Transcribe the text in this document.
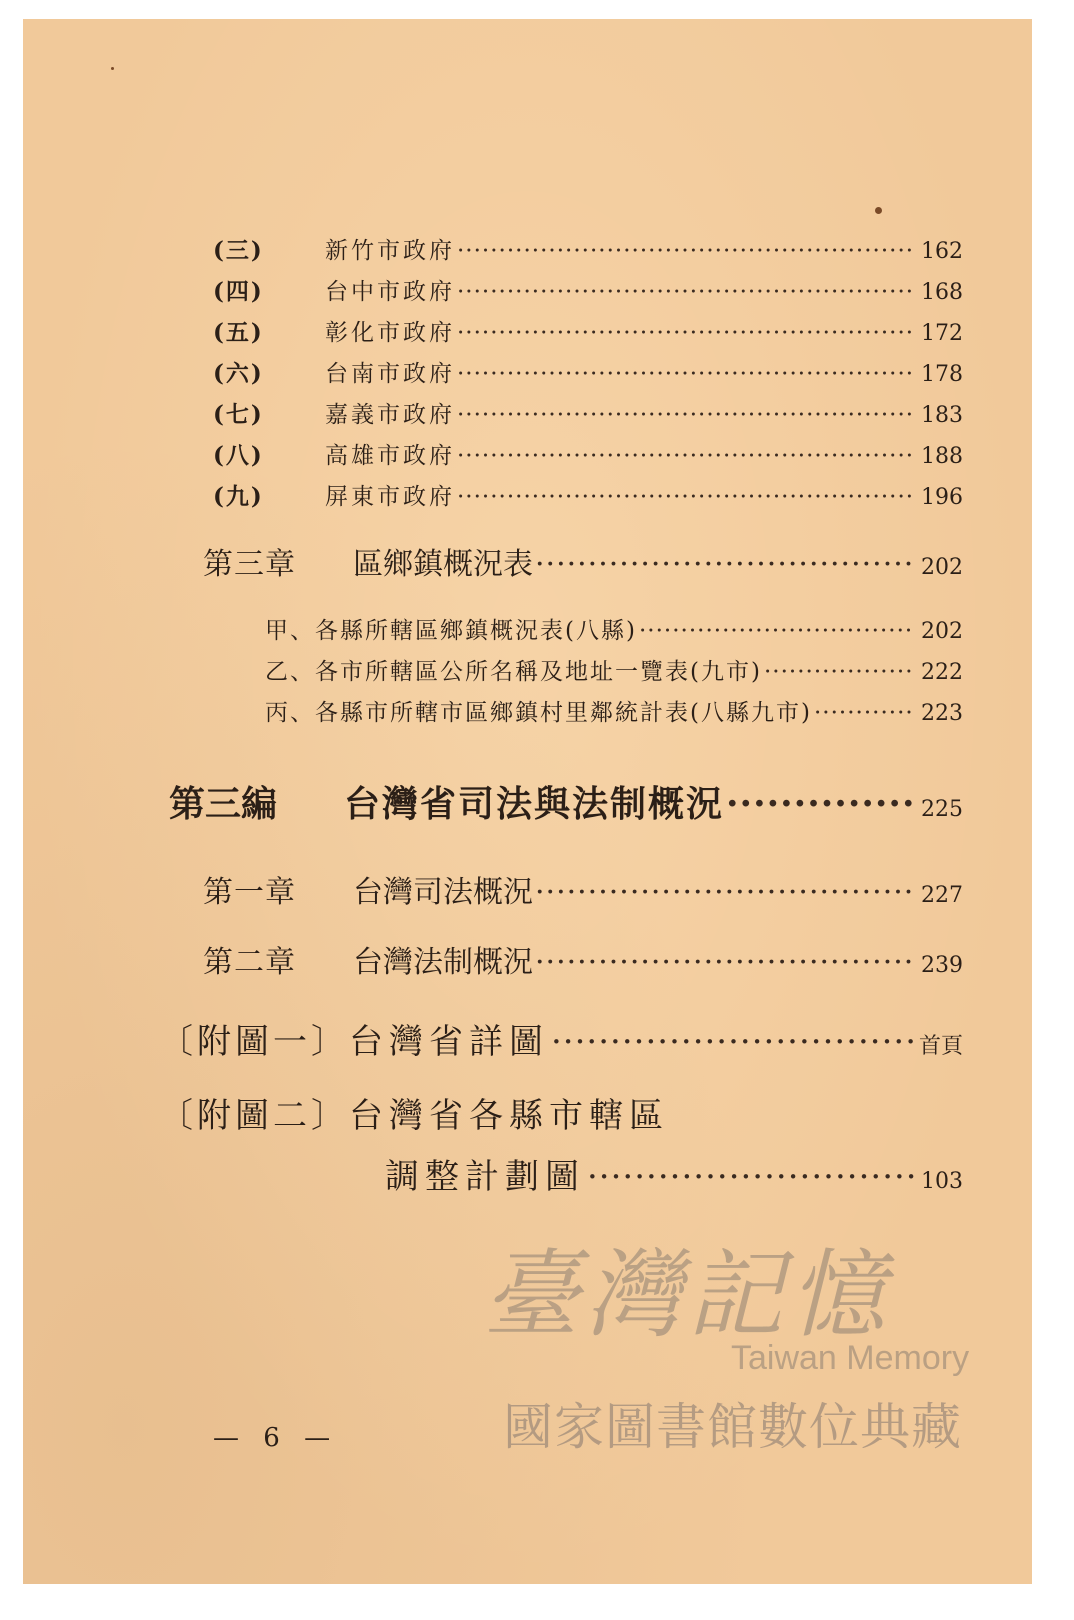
(三)	新竹市政府 ·····	162
(四)	台中市政府 ·····	168
(五)	彰化市政府 ·····	172
(六)	台南市政府 ·····	178
(七)	嘉義市政府 ·····	183
(八)	高雄市政府 ·····	188
(九)	屏東市政府 ·····	196
第三章	區鄉鎮概況表 ·····	202
甲、各縣所轄區鄉鎮概況表(八縣) ·····	202
乙、各市所轄區公所名稱及地址一覽表(九市) ·····	222
丙、各縣市所轄市區鄉鎮村里鄰統計表(八縣九市) ·····	223
第三編	台灣省司法與法制概況 ·····	225
第一章	台灣司法概況 ·····	227
第二章	台灣法制概況 ·····	239
〔附圖一〕 台灣省詳圖 ·····	首頁
〔附圖二〕 台灣省各縣市轄區
調整計劃圖 ·····	103
臺灣記憶
Taiwan Memory
國家圖書館數位典藏
— 6 —
